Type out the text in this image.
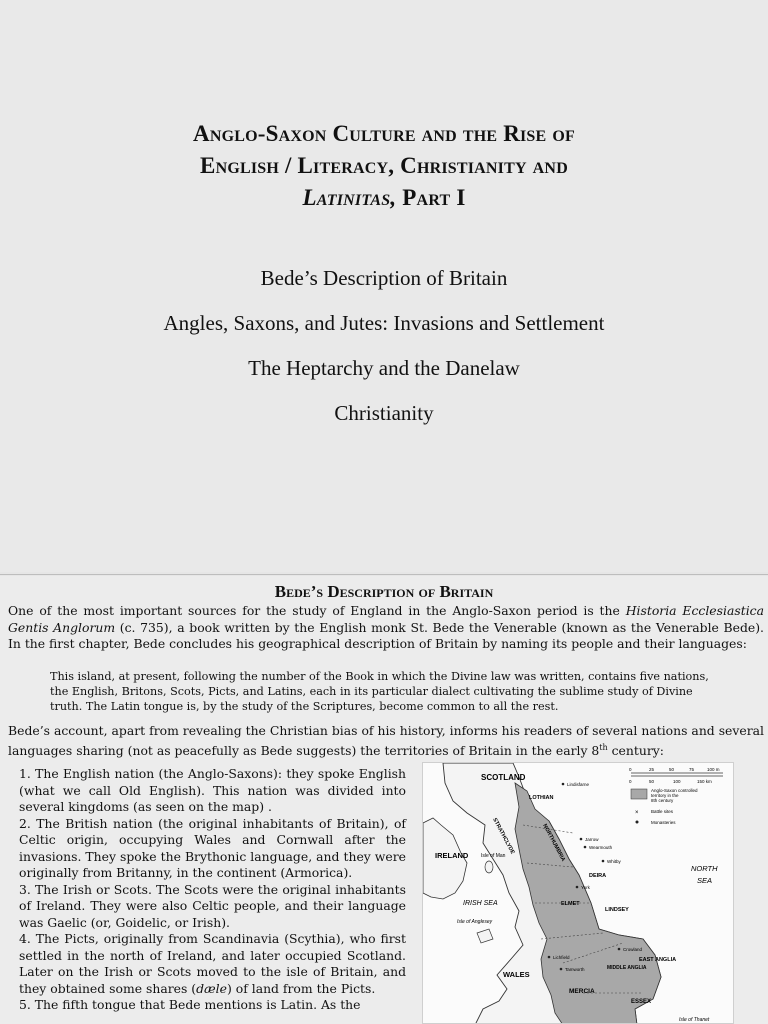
Anglo-Saxon Culture and the Rise of
English / Literacy, Christianity and
Latinitas, Part I
Bede’s Description of Britain
Angles, Saxons, and Jutes: Invasions and Settlement
The Heptarchy and the Danelaw
Christianity
Bede’s Description of Britain
One of the most important sources for the study of England in the Anglo-Saxon period is the Historia Ecclesiastica Gentis Anglorum (c. 735), a book written by the English monk St. Bede the Venerable (known as the Venerable Bede). In the first chapter, Bede concludes his geographical description of Britain by naming its people and their languages:
This island, at present, following the number of the Book in which the Divine law was written, contains five nations, the English, Britons, Scots, Picts, and Latins, each in its particular dialect cultivating the sublime study of Divine truth. The Latin tongue is, by the study of the Scriptures, become common to all the rest.
Bede’s account, apart from revealing the Christian bias of his history, informs his readers of several nations and several languages sharing (not as peacefully as Bede suggests) the territories of Britain in the early 8th century:
1. The English nation (the Anglo-Saxons): they spoke English (what we call Old English). This nation was divided into several kingdoms (as seen on the map) .
2. The British nation (the original inhabitants of Britain), of Celtic origin, occupying Wales and Cornwall after the invasions. They spoke the Brythonic language, and they were originally from Britanny, in the continent (Armorica).
3. The Irish or Scots. The Scots were the original inhabitants of Ireland. They were also Celtic people, and their language was Gaelic (or, Goidelic, or Irish).
4. The Picts, originally from Scandinavia (Scythia), who first settled in the north of Ireland, and later occupied Scotland. Later on the Irish or Scots moved to the isle of Britain, and they obtained some shares (dæle) of land from the Picts.
5. The fifth tongue that Bede mentions is Latin. As the
SCOTLAND
IRELAND
NORTH
SEA
IRISH SEA
WALES
Isle of Man
Isle of Anglesey
LOTHIAN
STRATHCLYDE	NORTHUMBRIA
DEIRA
ELMET
LINDSEY
MERCIA
MIDDLE ANGLIA
EAST ANGLIA
ESSEX
Isle of Thanet
Lindisfarne
Jarrow
Wearmouth
Whitby
York
Lichfield
Tamworth
Crowland
0	25	50	75	100 m
0	50	100	150 km
Anglo-Saxon controlled
territory in the
8th century
×	Battle sites
Monasteries
